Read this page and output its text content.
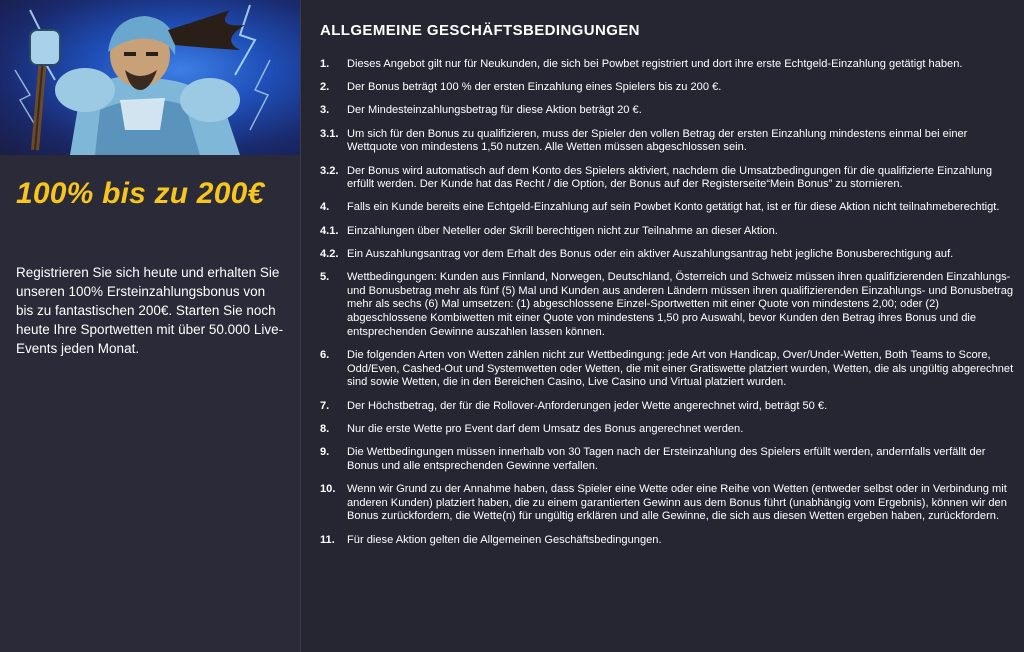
100% bis zu 200€

Registrieren Sie sich heute und erhalten Sie unseren 100% Ersteinzahlungsbonus von bis zu fantastischen 200€. Starten Sie noch heute Ihre Sportwetten mit über 50.000 Live-Events jeden Monat.

ALLGEMEINE GESCHÄFTSBEDINGUNGEN
1.	Dieses Angebot gilt nur für Neukunden, die sich bei Powbet registriert und dort ihre erste Echtgeld-Einzahlung getätigt haben.
2.	Der Bonus beträgt 100 % der ersten Einzahlung eines Spielers bis zu 200 €.
3.	Der Mindesteinzahlungsbetrag für diese Aktion beträgt 20 €.
3.1. Um sich für den Bonus zu qualifizieren, muss der Spieler den vollen Betrag der ersten Einzahlung mindestens einmal bei einer Wettquote von mindestens 1,50 nutzen. Alle Wetten müssen abgeschlossen sein.
3.2. Der Bonus wird automatisch auf dem Konto des Spielers aktiviert, nachdem die Umsatzbedingungen für die qualifizierte Einzahlung erfüllt werden. Der Kunde hat das Recht / die Option, der Bonus auf der Registerseite“Mein Bonus” zu stornieren.
4.	Falls ein Kunde bereits eine Echtgeld-Einzahlung auf sein Powbet Konto getätigt hat, ist er für diese Aktion nicht teilnahmeberechtigt.
4.1. Einzahlungen über Neteller oder Skrill berechtigen nicht zur Teilnahme an dieser Aktion.
4.2. Ein Auszahlungsantrag vor dem Erhalt des Bonus oder ein aktiver Auszahlungsantrag hebt jegliche Bonusberechtigung auf.
5.	Wettbedingungen: Kunden aus Finnland, Norwegen, Deutschland, Österreich und Schweiz müssen ihren qualifizierenden Einzahlungs- und Bonusbetrag mehr als fünf (5) Mal und Kunden aus anderen Ländern müssen ihren qualifizierenden Einzahlungs- und Bonusbetrag mehr als sechs (6) Mal umsetzen: (1) abgeschlossene Einzel-Sportwetten mit einer Quote von mindestens 2,00; oder (2) abgeschlossene Kombiwetten mit einer Quote von mindestens 1,50 pro Auswahl, bevor Kunden den Betrag ihres Bonus und die entsprechenden Gewinne auszahlen lassen können.
6.	Die folgenden Arten von Wetten zählen nicht zur Wettbedingung: jede Art von Handicap, Over/Under-Wetten, Both Teams to Score, Odd/Even, Cashed-Out und Systemwetten oder Wetten, die mit einer Gratiswette platziert wurden, Wetten, die als ungültig abgerechnet sind sowie Wetten, die in den Bereichen Casino, Live Casino und Virtual platziert wurden.
7.	Der Höchstbetrag, der für die Rollover-Anforderungen jeder Wette angerechnet wird, beträgt 50 €.
8.	Nur die erste Wette pro Event darf dem Umsatz des Bonus angerechnet werden.
9.	Die Wettbedingungen müssen innerhalb von 30 Tagen nach der Ersteinzahlung des Spielers erfüllt werden, andernfalls verfällt der Bonus und alle entsprechenden Gewinne verfallen.
10.	Wenn wir Grund zu der Annahme haben, dass Spieler eine Wette oder eine Reihe von Wetten (entweder selbst oder in Verbindung mit anderen Kunden) platziert haben, die zu einem garantierten Gewinn aus dem Bonus führt (unabhängig vom Ergebnis), können wir den Bonus zurückfordern, die Wette(n) für ungültig erklären und alle Gewinne, die sich aus diesen Wetten ergeben haben, zurückfordern.
11.	Für diese Aktion gelten die Allgemeinen Geschäftsbedingungen.
